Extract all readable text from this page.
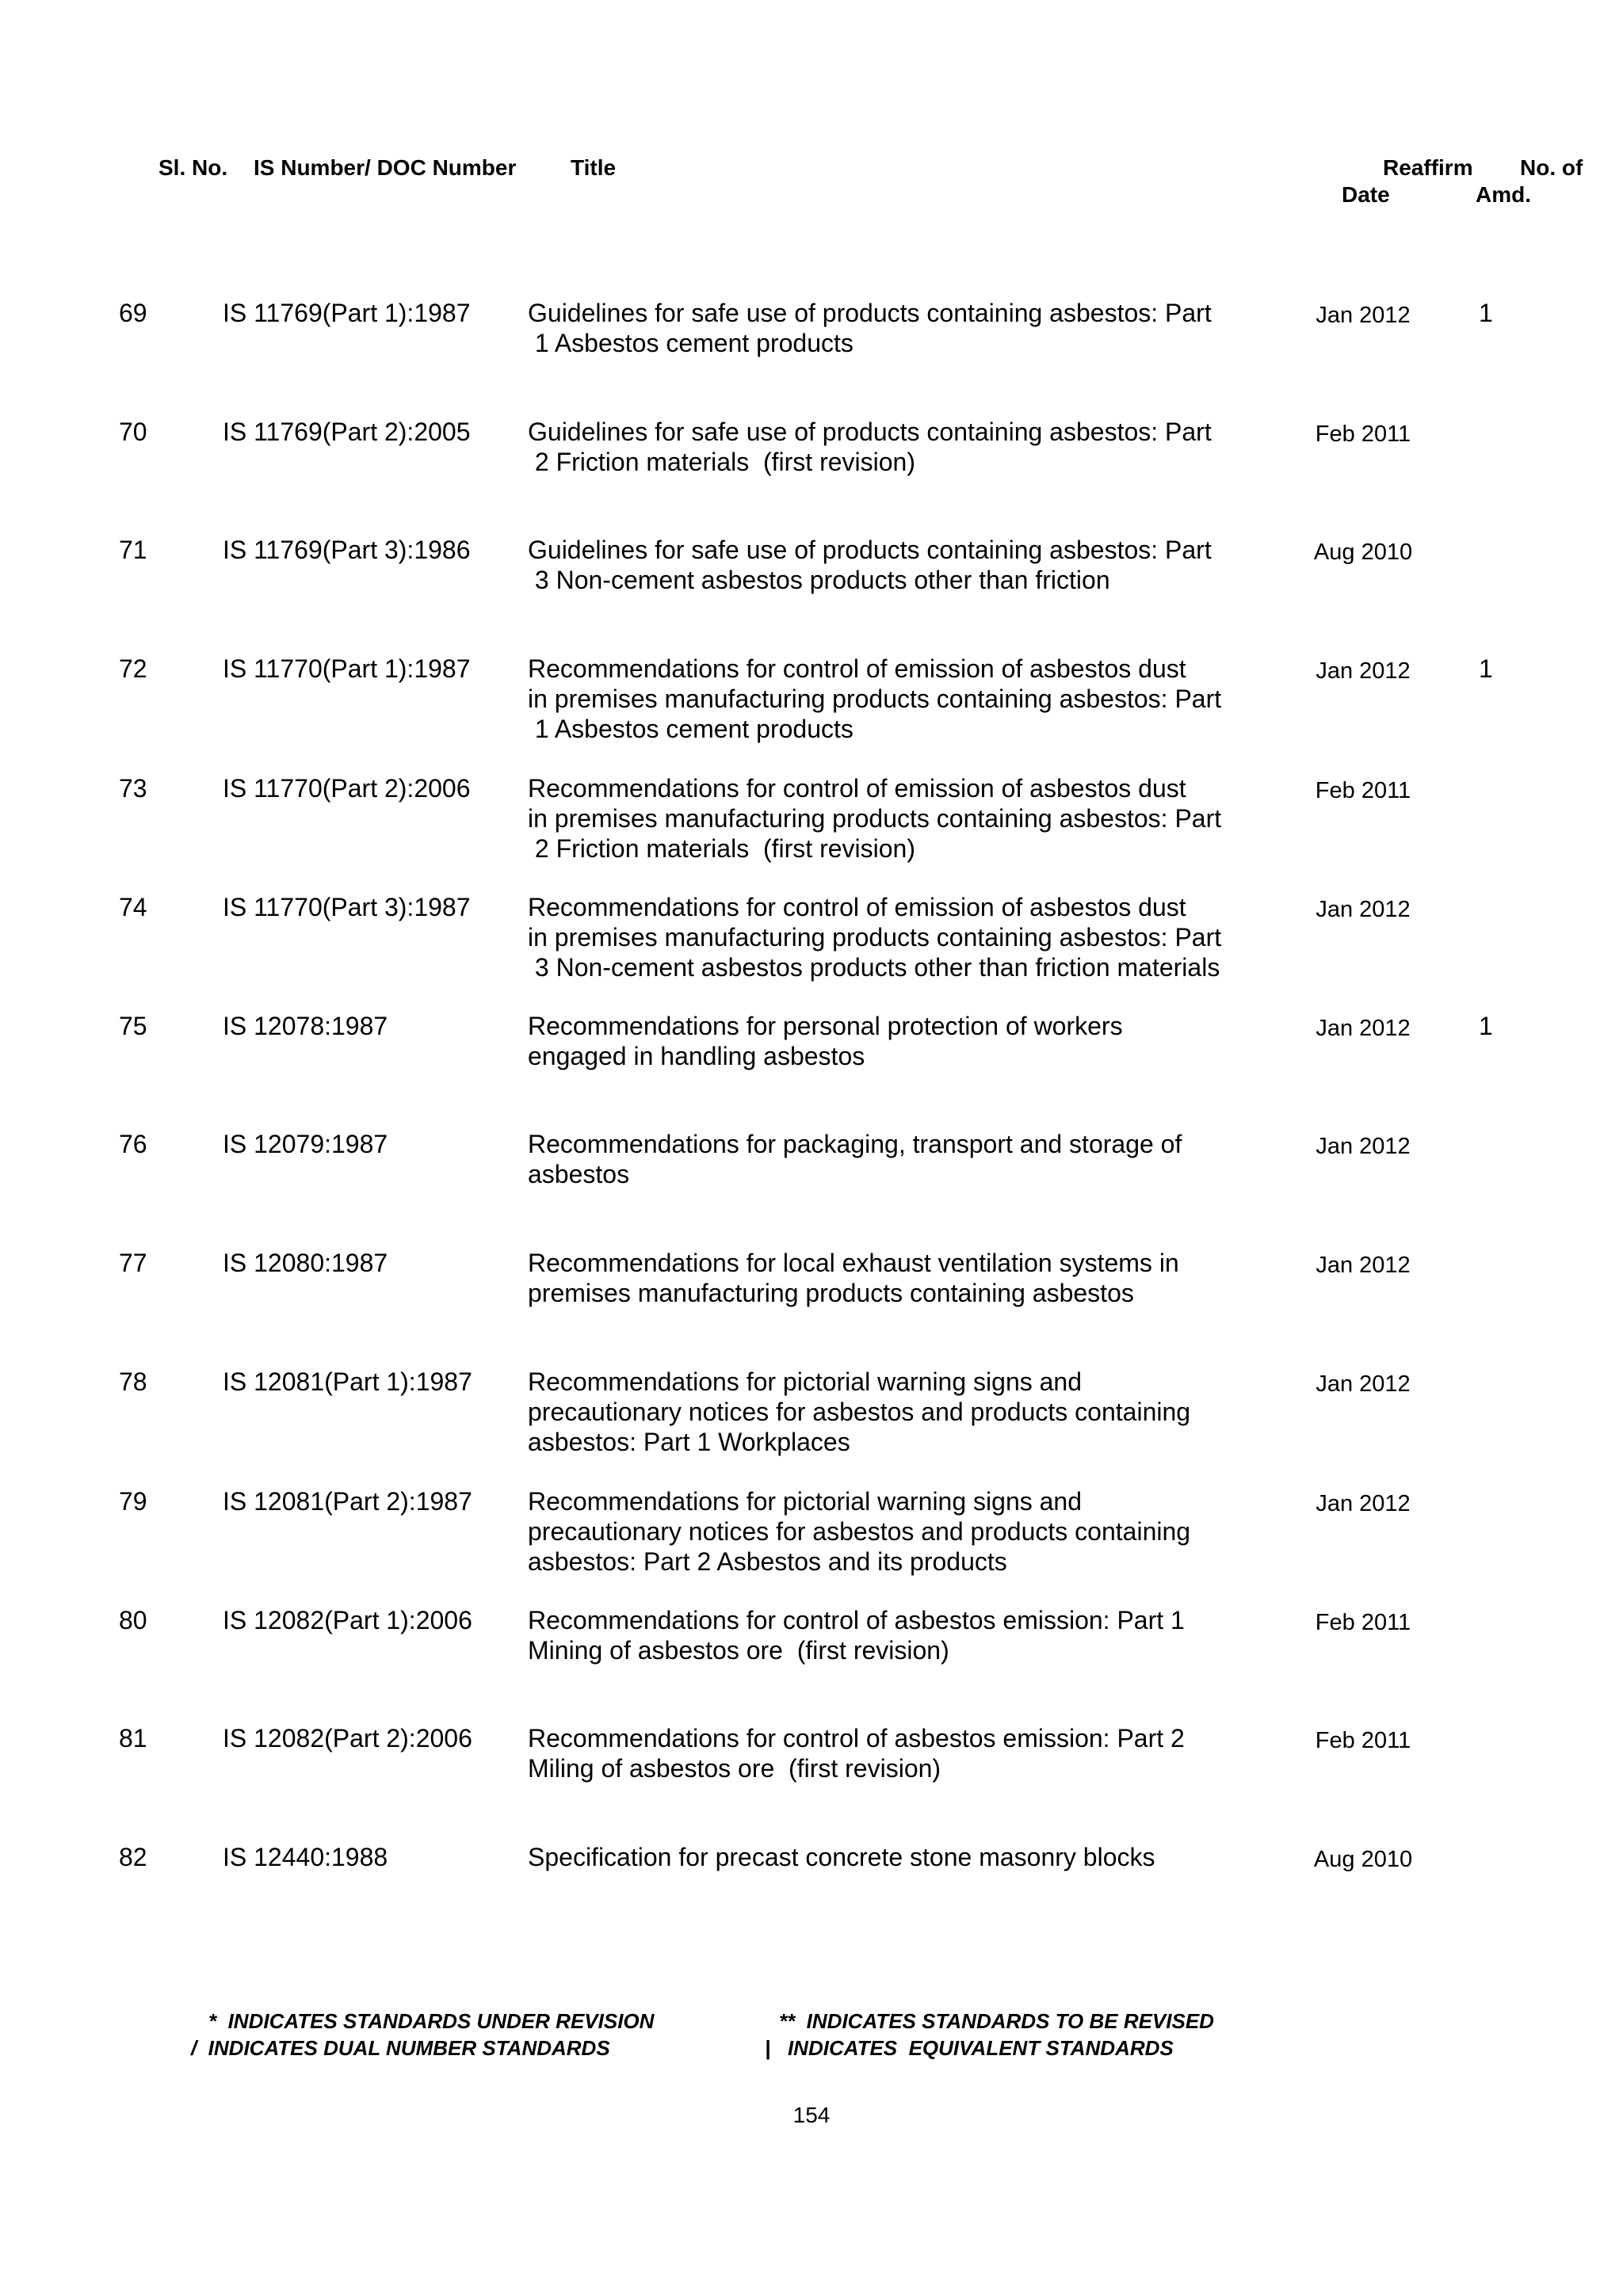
Sl. No. IS Number/ DOC Number Title	Reaffirm No. of
Date	Amd.
69	IS 11769(Part 1):1987 Guidelines for safe use of products containing asbestos: Part
1 Asbestos cement products
Jan 2012	1
70	IS 11769(Part 2):2005 Guidelines for safe use of products containing asbestos: Part
2 Friction materials  (first revision)
Feb 2011
71	IS 11769(Part 3):1986 Guidelines for safe use of products containing asbestos: Part
3 Non-cement asbestos products other than friction
Aug 2010
72	IS 11770(Part 1):1987 Recommendations for control of emission of asbestos dust
in premises manufacturing products containing asbestos: Part
1 Asbestos cement products
Jan 2012	1
73	IS 11770(Part 2):2006 Recommendations for control of emission of asbestos dust
in premises manufacturing products containing asbestos: Part
2 Friction materials  (first revision)
Feb 2011
74	IS 11770(Part 3):1987 Recommendations for control of emission of asbestos dust
in premises manufacturing products containing asbestos: Part
3 Non-cement asbestos products other than friction materials
Jan 2012
75	IS 12078:1987	Recommendations for personal protection of workers
engaged in handling asbestos
Jan 2012	1
76	IS 12079:1987	Recommendations for packaging, transport and storage of
asbestos
Jan 2012
77	IS 12080:1987	Recommendations for local exhaust ventilation systems in
premises manufacturing products containing asbestos
Jan 2012
78	IS 12081(Part 1):1987 Recommendations for pictorial warning signs and
precautionary notices for asbestos and products containing
asbestos: Part 1 Workplaces
Jan 2012
79	IS 12081(Part 2):1987 Recommendations for pictorial warning signs and
precautionary notices for asbestos and products containing
asbestos: Part 2 Asbestos and its products
Jan 2012
80	IS 12082(Part 1):2006 Recommendations for control of asbestos emission: Part 1
Mining of asbestos ore  (first revision)
Feb 2011
81	IS 12082(Part 2):2006 Recommendations for control of asbestos emission: Part 2
Miling of asbestos ore  (first revision)
Feb 2011
82	IS 12440:1988	Specification for precast concrete stone masonry blocks	Aug 2010
*  INDICATES STANDARDS UNDER REVISION	**  INDICATES STANDARDS TO BE REVISED
/  INDICATES DUAL NUMBER STANDARDS	|   INDICATES  EQUIVALENT STANDARDS
154
